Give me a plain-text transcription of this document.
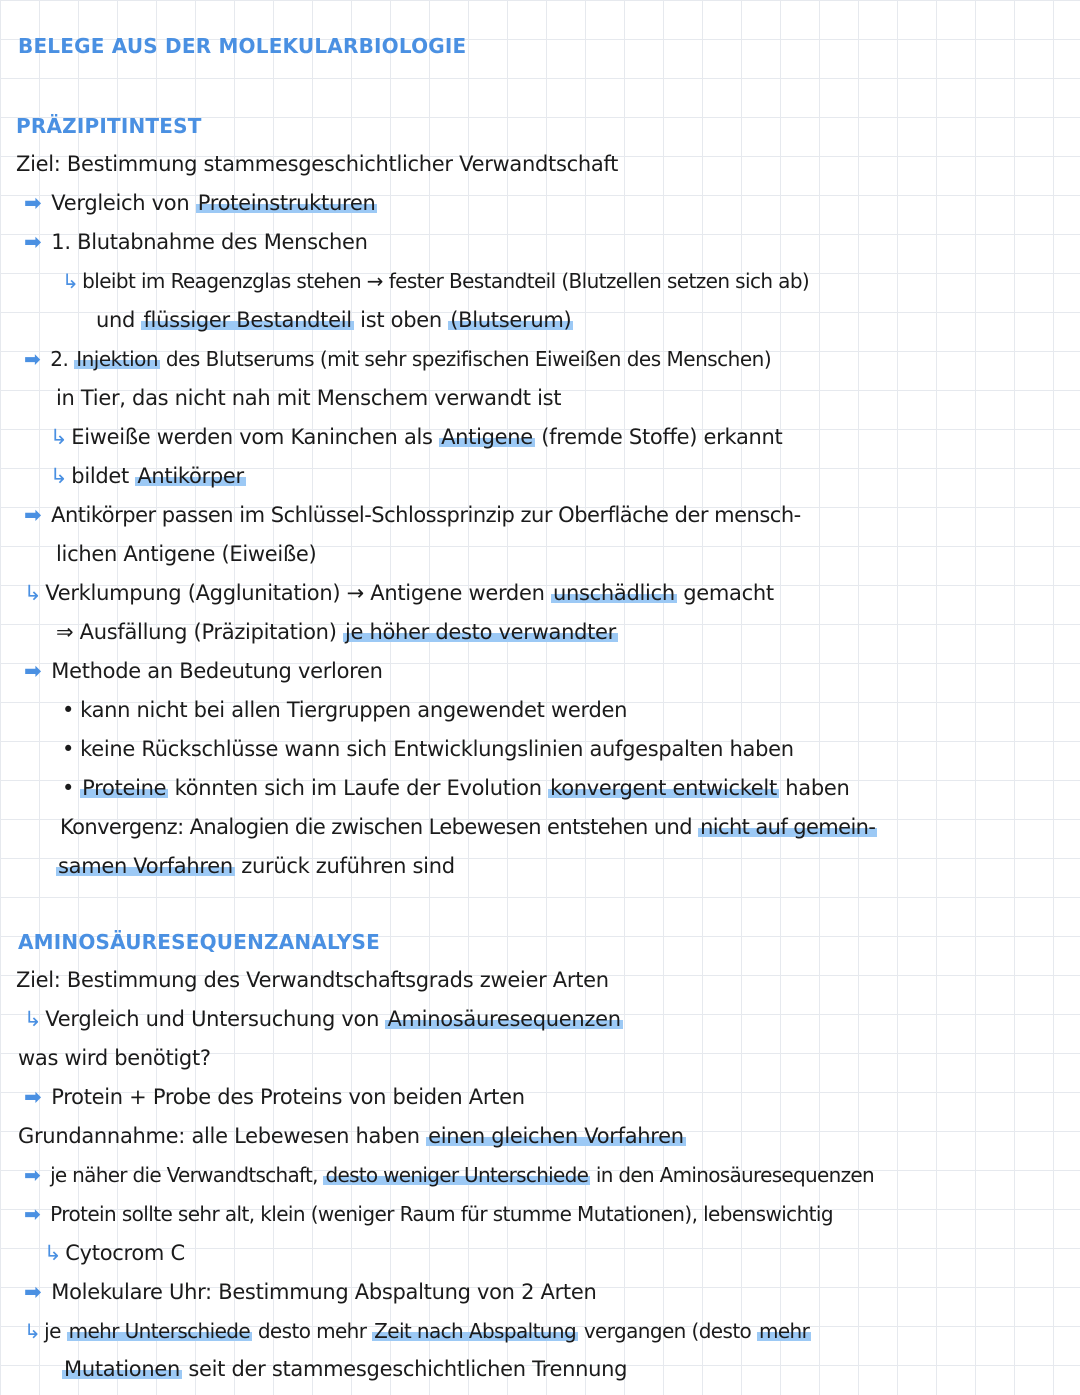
BELEGE AUS DER MOLEKULARBIOLOGIE
PRÄZIPITINTEST
Ziel: Bestimmung stammesgeschichtlicher Verwandtschaft
➡ Vergleich von Proteinstrukturen
➡ 1. Blutabnahme des Menschen
↳ bleibt im Reagenzglas stehen → fester Bestandteil (Blutzellen setzen sich ab)
und flüssiger Bestandteil ist oben (Blutserum)
➡ 2. Injektion des Blutserums (mit sehr spezifischen Eiweißen des Menschen)
in Tier, das nicht nah mit Menschem verwandt ist
↳ Eiweiße werden vom Kaninchen als Antigene (fremde Stoffe) erkannt
↳ bildet Antikörper
➡ Antikörper passen im Schlüssel-Schlossprinzip zur Oberfläche der mensch-
lichen Antigene (Eiweiße)
↳ Verklumpung (Agglunitation) → Antigene werden unschädlich gemacht
⇒ Ausfällung (Präzipitation) je höher desto verwandter
➡ Methode an Bedeutung verloren
• kann nicht bei allen Tiergruppen angewendet werden
• keine Rückschlüsse wann sich Entwicklungslinien aufgespalten haben
• Proteine könnten sich im Laufe der Evolution konvergent entwickelt haben
Konvergenz: Analogien die zwischen Lebewesen entstehen und nicht auf gemein-
samen Vorfahren zurück zuführen sind
AMINOSÄURESEQUENZANALYSE
Ziel: Bestimmung des Verwandtschaftsgrads zweier Arten
↳ Vergleich und Untersuchung von Aminosäuresequenzen
was wird benötigt?
➡ Protein + Probe des Proteins von beiden Arten
Grundannahme: alle Lebewesen haben einen gleichen Vorfahren
➡ je näher die Verwandtschaft, desto weniger Unterschiede in den Aminosäuresequenzen
➡ Protein sollte sehr alt, klein (weniger Raum für stumme Mutationen), lebenswichtig
↳ Cytocrom C
➡ Molekulare Uhr: Bestimmung Abspaltung von 2 Arten
↳ je mehr Unterschiede desto mehr Zeit nach Abspaltung vergangen (desto mehr
Mutationen seit der stammesgeschichtlichen Trennung
